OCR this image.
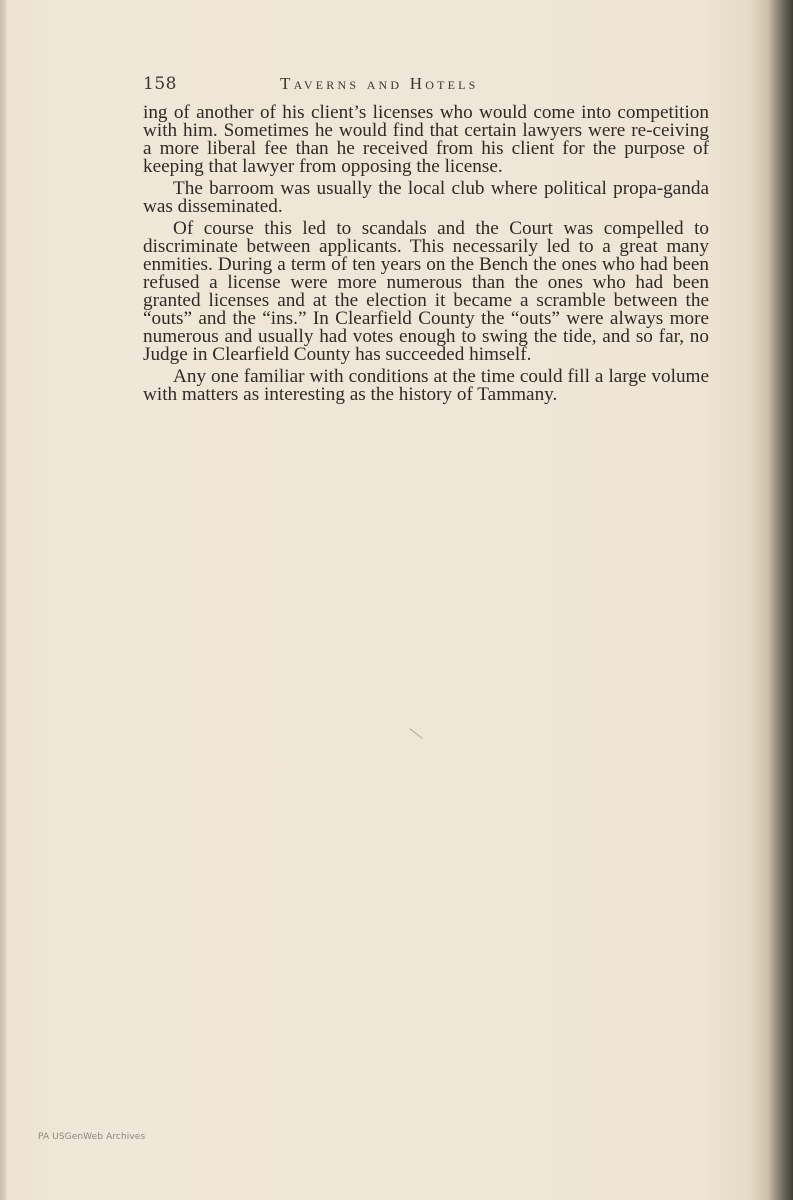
158	Taverns and Hotels

ing of another of his client’s licenses who would come into competition with him. Sometimes he would find that certain lawyers were re-ceiving a more liberal fee than he received from his client for the purpose of keeping that lawyer from opposing the license.

The barroom was usually the local club where political propa-ganda was disseminated.

Of course this led to scandals and the Court was compelled to discriminate between applicants. This necessarily led to a great many enmities. During a term of ten years on the Bench the ones who had been refused a license were more numerous than the ones who had been granted licenses and at the election it became a scramble between the “outs” and the “ins.” In Clearfield County the “outs” were always more numerous and usually had votes enough to swing the tide, and so far, no Judge in Clearfield County has succeeded himself.

Any one familiar with conditions at the time could fill a large volume with matters as interesting as the history of Tammany.

PA USGenWeb Archives
